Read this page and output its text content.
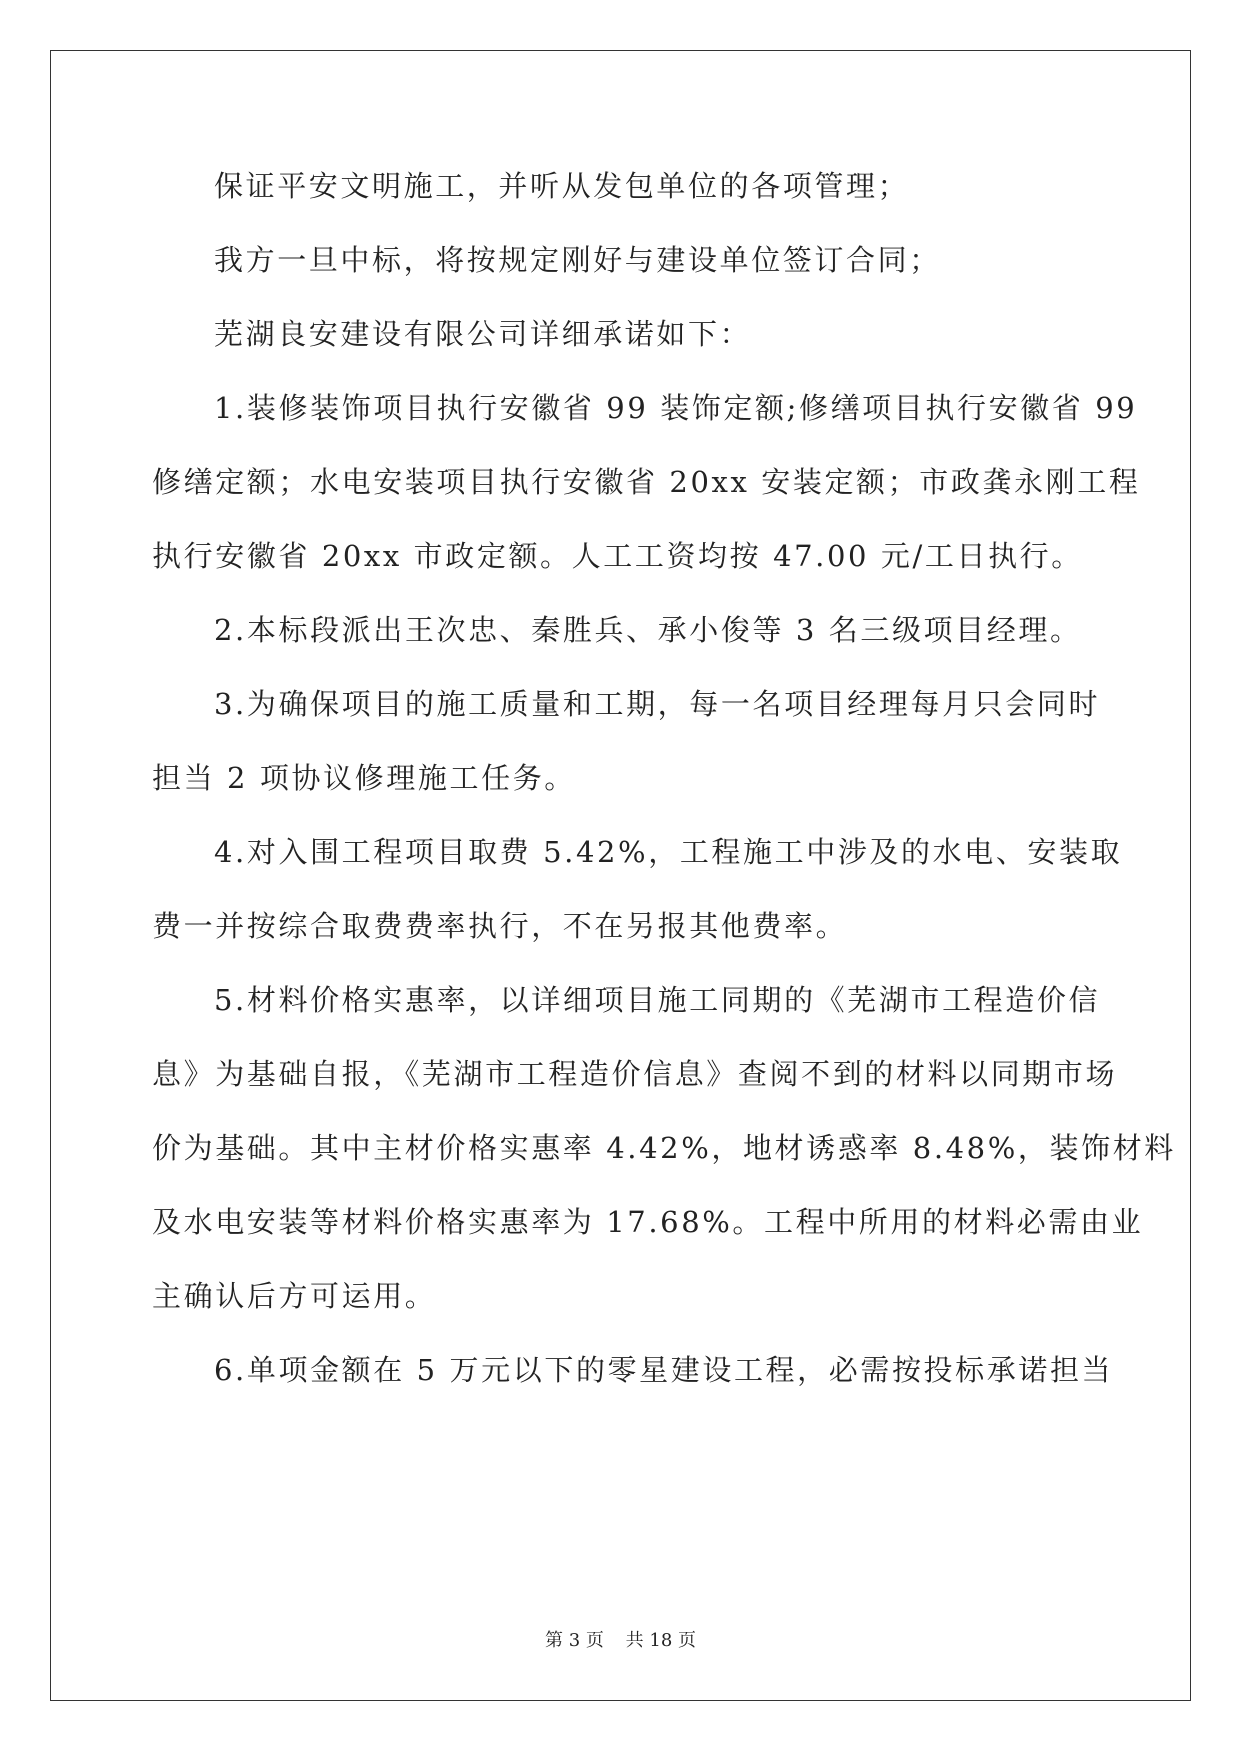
保证平安文明施工，并听从发包单位的各项管理；
我方一旦中标，将按规定刚好与建设单位签订合同；
芜湖良安建设有限公司详细承诺如下：
1.装修装饰项目执行安徽省 99 装饰定额;修缮项目执行安徽省 99
修缮定额；水电安装项目执行安徽省 20xx 安装定额；市政龚永刚工程
执行安徽省 20xx 市政定额。人工工资均按 47.00 元/工日执行。
2.本标段派出王次忠、秦胜兵、承小俊等 3 名三级项目经理。
3.为确保项目的施工质量和工期，每一名项目经理每月只会同时
担当 2 项协议修理施工任务。
4.对入围工程项目取费 5.42%，工程施工中涉及的水电、安装取
费一并按综合取费费率执行，不在另报其他费率。
5.材料价格实惠率，以详细项目施工同期的《芜湖市工程造价信
息》为基础自报，《芜湖市工程造价信息》查阅不到的材料以同期市场
价为基础。其中主材价格实惠率 4.42%，地材诱惑率 8.48%，装饰材料
及水电安装等材料价格实惠率为 17.68%。工程中所用的材料必需由业
主确认后方可运用。
6.单项金额在 5 万元以下的零星建设工程，必需按投标承诺担当
第 3 页 共 18 页
